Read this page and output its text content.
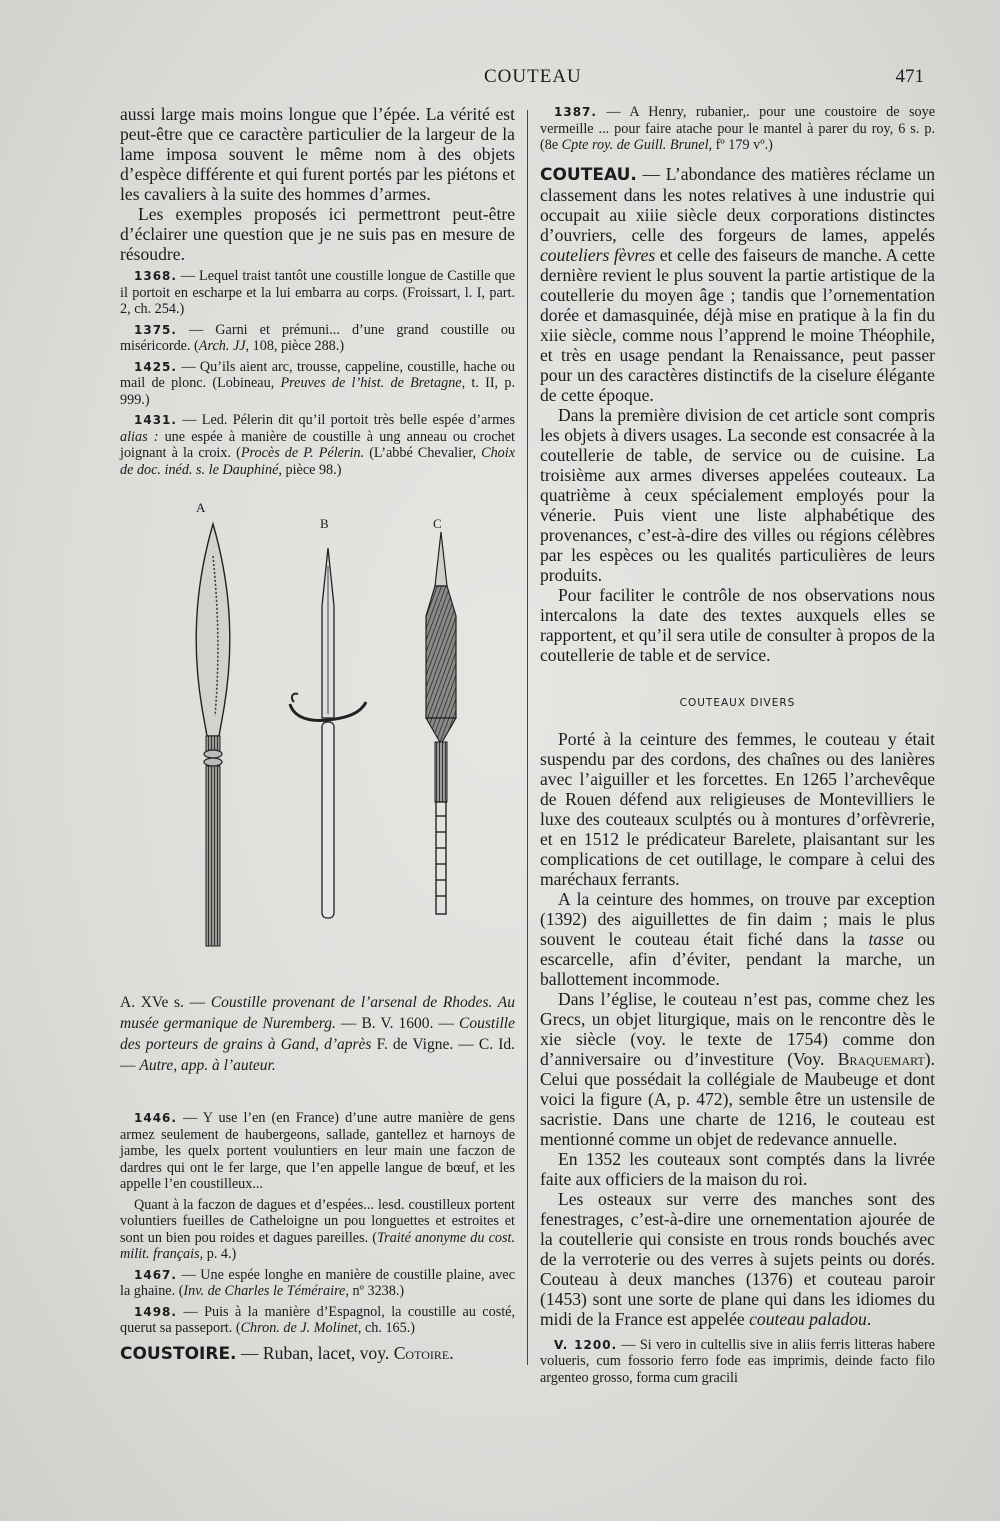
COUTEAU	471

aussi large mais moins longue que l’épée. La vérité est peut-être que ce caractère particulier de la largeur de la lame imposa souvent le même nom à des objets d’espèce différente et qui furent portés par les piétons et les cavaliers à la suite des hommes d’armes.

Les exemples proposés ici permettront peut-être d’éclairer une question que je ne suis pas en mesure de résoudre.

1368. — Lequel traist tantôt une coustille longue de Castille que il portoit en escharpe et la lui embarra au corps. (Froissart, l. I, part. 2, ch. 254.)

1375. — Garni et prémuni... d’une grand coustille ou miséricorde. (Arch. JJ, 108, pièce 288.)

1425. — Qu’ils aient arc, trousse, cappeline, coustille, hache ou mail de plonc. (Lobineau, Preuves de l’hist. de Bretagne, t. II, p. 999.)

1431. — Led. Pélerin dit qu’il portoit très belle espée d’armes alias : une espée à manière de coustille à ung anneau ou crochet joignant à la croix. (Procès de P. Pélerin. (L’abbé Chevalier, Choix de doc. inéd. s. le Dauphiné, pièce 98.)

A
B	C

A. XVe s. — Coustille provenant de l’arsenal de Rhodes. Au musée germanique de Nuremberg. — B. V. 1600. — Coustille des porteurs de grains à Gand, d’après F. de Vigne. — C. Id. — Autre, app. à l’auteur.

1446. — Y use l’en (en France) d’une autre manière de gens armez seulement de haubergeons, sallade, gantellez et harnoys de jambe, les quelx portent vouluntiers en leur main une faczon de dardres qui ont le fer large, que l’en appelle langue de bœuf, et les appelle l’en coustilleux...

Quant à la faczon de dagues et d’espées... lesd. coustilleux portent voluntiers fueilles de Catheloigne un pou longuettes et estroites et sont un bien pou roides et dagues pareilles. (Traité anonyme du cost. milit. français, p. 4.)

1467. — Une espée longhe en manière de coustille plaine, avec la ghaine. (Inv. de Charles le Téméraire, nº 3238.)

1498. — Puis à la manière d’Espagnol, la coustille au costé, querut sa passeport. (Chron. de J. Molinet, ch. 165.)

COUSTOIRE. — Ruban, lacet, voy. Cotoire.

1387. — A Henry, rubanier,. pour une coustoire de soye vermeille ... pour faire atache pour le mantel à parer du roy, 6 s. p. (8e Cpte roy. de Guill. Brunel, fº 179 vº.)

COUTEAU. — L’abondance des matières réclame un classement dans les notes relatives à une industrie qui occupait au xiiie siècle deux corporations distinctes d’ouvriers, celle des forgeurs de lames, appelés couteliers fèvres et celle des faiseurs de manche. A cette dernière revient le plus souvent la partie artistique de la coutellerie du moyen âge ; tandis que l’ornementation dorée et damasquinée, déjà mise en pratique à la fin du xiie siècle, comme nous l’apprend le moine Théophile, et très en usage pendant la Renaissance, peut passer pour un des caractères distinctifs de la ciselure élégante de cette époque.

Dans la première division de cet article sont compris les objets à divers usages. La seconde est consacrée à la coutellerie de table, de service ou de cuisine. La troisième aux armes diverses appelées couteaux. La quatrième à ceux spécialement employés pour la vénerie. Puis vient une liste alphabétique des provenances, c’est-à-dire des villes ou régions célèbres par les espèces ou les qualités particulières de leurs produits.

Pour faciliter le contrôle de nos observations nous intercalons la date des textes auxquels elles se rapportent, et qu’il sera utile de consulter à propos de la coutellerie de table et de service.

COUTEAUX DIVERS

Porté à la ceinture des femmes, le couteau y était suspendu par des cordons, des chaînes ou des lanières avec l’aiguiller et les forcettes. En 1265 l’archevêque de Rouen défend aux religieuses de Montevilliers le luxe des couteaux sculptés ou à montures d’orfèvrerie, et en 1512 le prédicateur Barelete, plaisantant sur les complications de cet outillage, le compare à celui des maréchaux ferrants.

A la ceinture des hommes, on trouve par exception (1392) des aiguillettes de fin daim ; mais le plus souvent le couteau était fiché dans la tasse ou escarcelle, afin d’éviter, pendant la marche, un ballottement incommode.

Dans l’église, le couteau n’est pas, comme chez les Grecs, un objet liturgique, mais on le rencontre dès le xie siècle (voy. le texte de 1754) comme don d’anniversaire ou d’investiture (Voy. Braquemart). Celui que possédait la collégiale de Maubeuge et dont voici la figure (A, p. 472), semble être un ustensile de sacristie. Dans une charte de 1216, le couteau est mentionné comme un objet de redevance annuelle.

En 1352 les couteaux sont comptés dans la livrée faite aux officiers de la maison du roi.

Les osteaux sur verre des manches sont des fenestrages, c’est-à-dire une ornementation ajourée de la coutellerie qui consiste en trous ronds bouchés avec de la verroterie ou des verres à sujets peints ou dorés. Couteau à deux manches (1376) et couteau paroir (1453) sont une sorte de plane qui dans les idiomes du midi de la France est appelée couteau paladou.

V. 1200. — Si vero in cultellis sive in aliis ferris litteras habere volueris, cum fossorio ferro fode eas imprimis, deinde facto filo argenteo grosso, forma cum gracili
